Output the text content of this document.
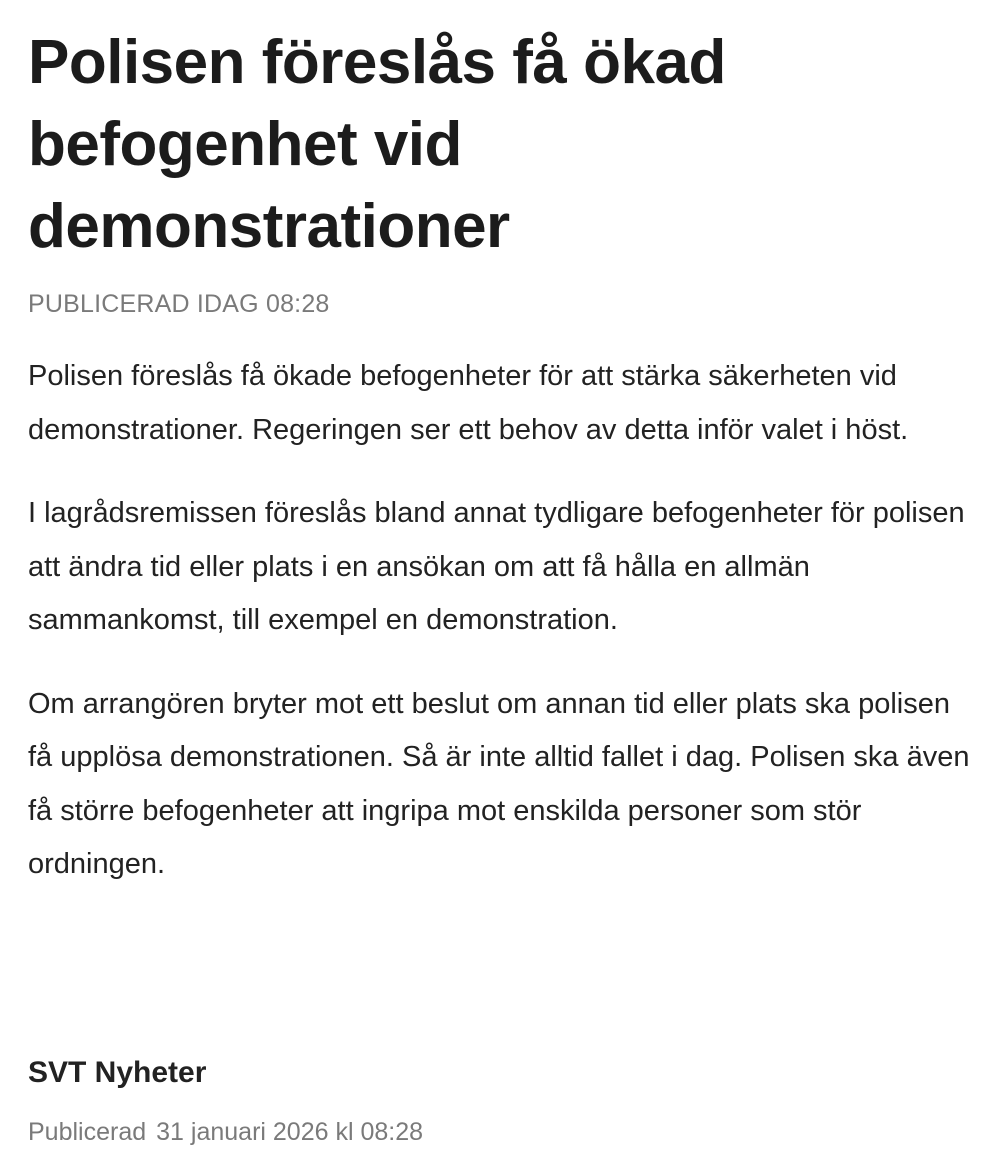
Polisen föreslås få ökad befogenhet vid demonstrationer
PUBLICERAD IDAG 08:28

Polisen föreslås få ökade befogenheter för att stärka säkerheten vid demonstrationer. Regeringen ser ett behov av detta inför valet i höst.

I lagrådsremissen föreslås bland annat tydligare befogenheter för polisen att ändra tid eller plats i en ansökan om att få hålla en allmän sammankomst, till exempel en demonstration.

Om arrangören bryter mot ett beslut om annan tid eller plats ska polisen få upplösa demonstrationen. Så är inte alltid fallet i dag. Polisen ska även få större befogenheter att ingripa mot enskilda personer som stör ordningen.

SVT Nyheter
Publicerad 31 januari 2026 kl 08:28
